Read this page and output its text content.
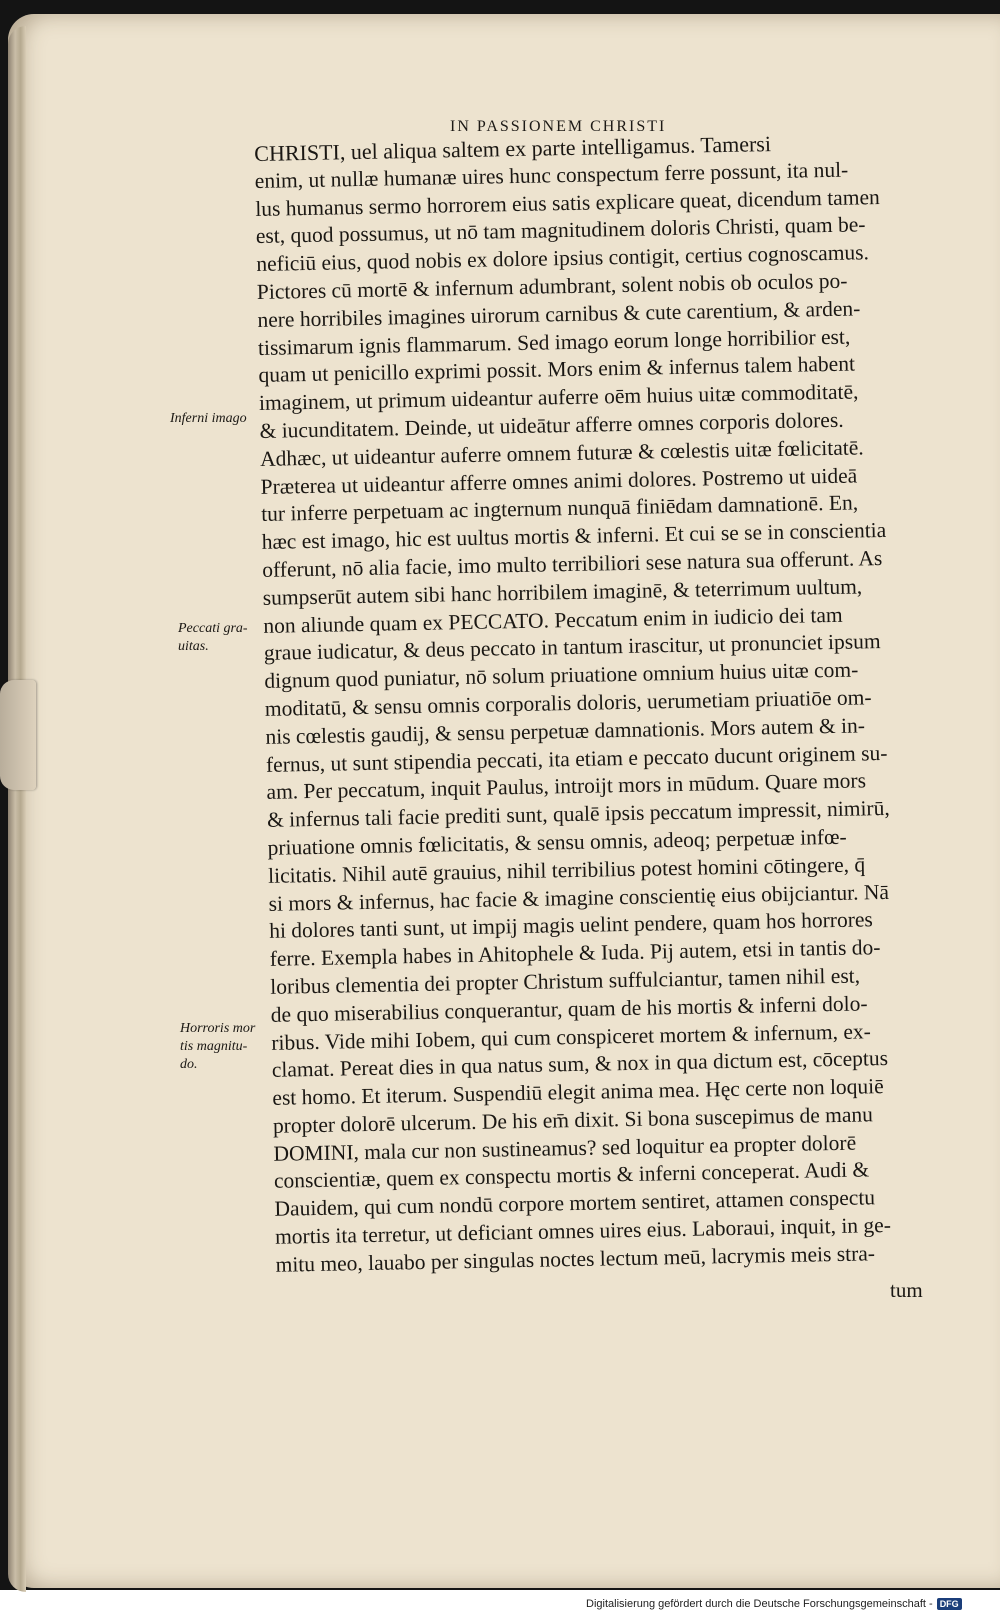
IN PASSIONEM CHRISTI
CHRISTI, uel aliqua saltem ex parte intelligamus. Tamersi
enim, ut nullæ humanæ uires hunc conspectum ferre possunt, ita nul-
lus humanus sermo horrorem eius satis explicare queat, dicendum tamen
est, quod possumus, ut nō tam magnitudinem doloris Christi, quam be-
neficiū eius, quod nobis ex dolore ipsius contigit, certius cognoscamus.
Pictores cū mortē & infernum adumbrant, solent nobis ob oculos po-
nere horribiles imagines uirorum carnibus & cute carentium, & arden-
tissimarum ignis flammarum. Sed imago eorum longe horribilior est,
quam ut penicillo exprimi possit. Mors enim & infernus talem habent
imaginem, ut primum uideantur auferre oēm huius uitæ commoditatē,
& iucunditatem. Deinde, ut uideātur afferre omnes corporis dolores.
Adhæc, ut uideantur auferre omnem futuræ & cœlestis uitæ fœlicitatē.
Præterea ut uideantur afferre omnes animi dolores. Postremo ut uideā
tur inferre perpetuam ac ingternum nunquā finiēdam damnationē. En,
hæc est imago, hic est uultus mortis & inferni. Et cui se se in conscientia
offerunt, nō alia facie, imo multo terribiliori sese natura sua offerunt. As
sumpserūt autem sibi hanc horribilem imaginē, & teterrimum uultum,
non aliunde quam ex PECCATO. Peccatum enim in iudicio dei tam
graue iudicatur, & deus peccato in tantum irascitur, ut pronunciet ipsum
dignum quod puniatur, nō solum priuatione omnium huius uitæ com-
moditatū, & sensu omnis corporalis doloris, uerumetiam priuatiōe om-
nis cœlestis gaudij, & sensu perpetuæ damnationis. Mors autem & in-
fernus, ut sunt stipendia peccati, ita etiam e peccato ducunt originem su-
am. Per peccatum, inquit Paulus, introijt mors in mūdum. Quare mors
& infernus tali facie prediti sunt, qualē ipsis peccatum impressit, nimirū,
priuatione omnis fœlicitatis, & sensu omnis, adeoq; perpetuæ infœ-
licitatis. Nihil autē grauius, nihil terribilius potest homini cōtingere, q̄
si mors & infernus, hac facie & imagine conscientię eius obijciantur. Nā
hi dolores tanti sunt, ut impij magis uelint pendere, quam hos horrores
ferre. Exempla habes in Ahitophele & Iuda. Pij autem, etsi in tantis do-
loribus clementia dei propter Christum suffulciantur, tamen nihil est,
de quo miserabilius conquerantur, quam de his mortis & inferni dolo-
ribus. Vide mihi Iobem, qui cum conspiceret mortem & infernum, ex-
clamat. Pereat dies in qua natus sum, & nox in qua dictum est, cōceptus
est homo. Et iterum. Suspendiū elegit anima mea. Hęc certe non loquiē
propter dolorē ulcerum. De his em̄ dixit. Si bona suscepimus de manu
DOMINI, mala cur non sustineamus? sed loquitur ea propter dolorē
conscientiæ, quem ex conspectu mortis & inferni conceperat. Audi &
Dauidem, qui cum nondū corpore mortem sentiret, attamen conspectu
mortis ita terretur, ut deficiant omnes uires eius. Laboraui, inquit, in ge-
mitu meo, lauabo per singulas noctes lectum meū, lacrymis meis stra-
tum
Inferni imago
Peccati gra-
uitas.
Horroris mor
tis magnitu-
do.
Digitalisierung gefördert durch die Deutsche Forschungsgemeinschaft - DFG
